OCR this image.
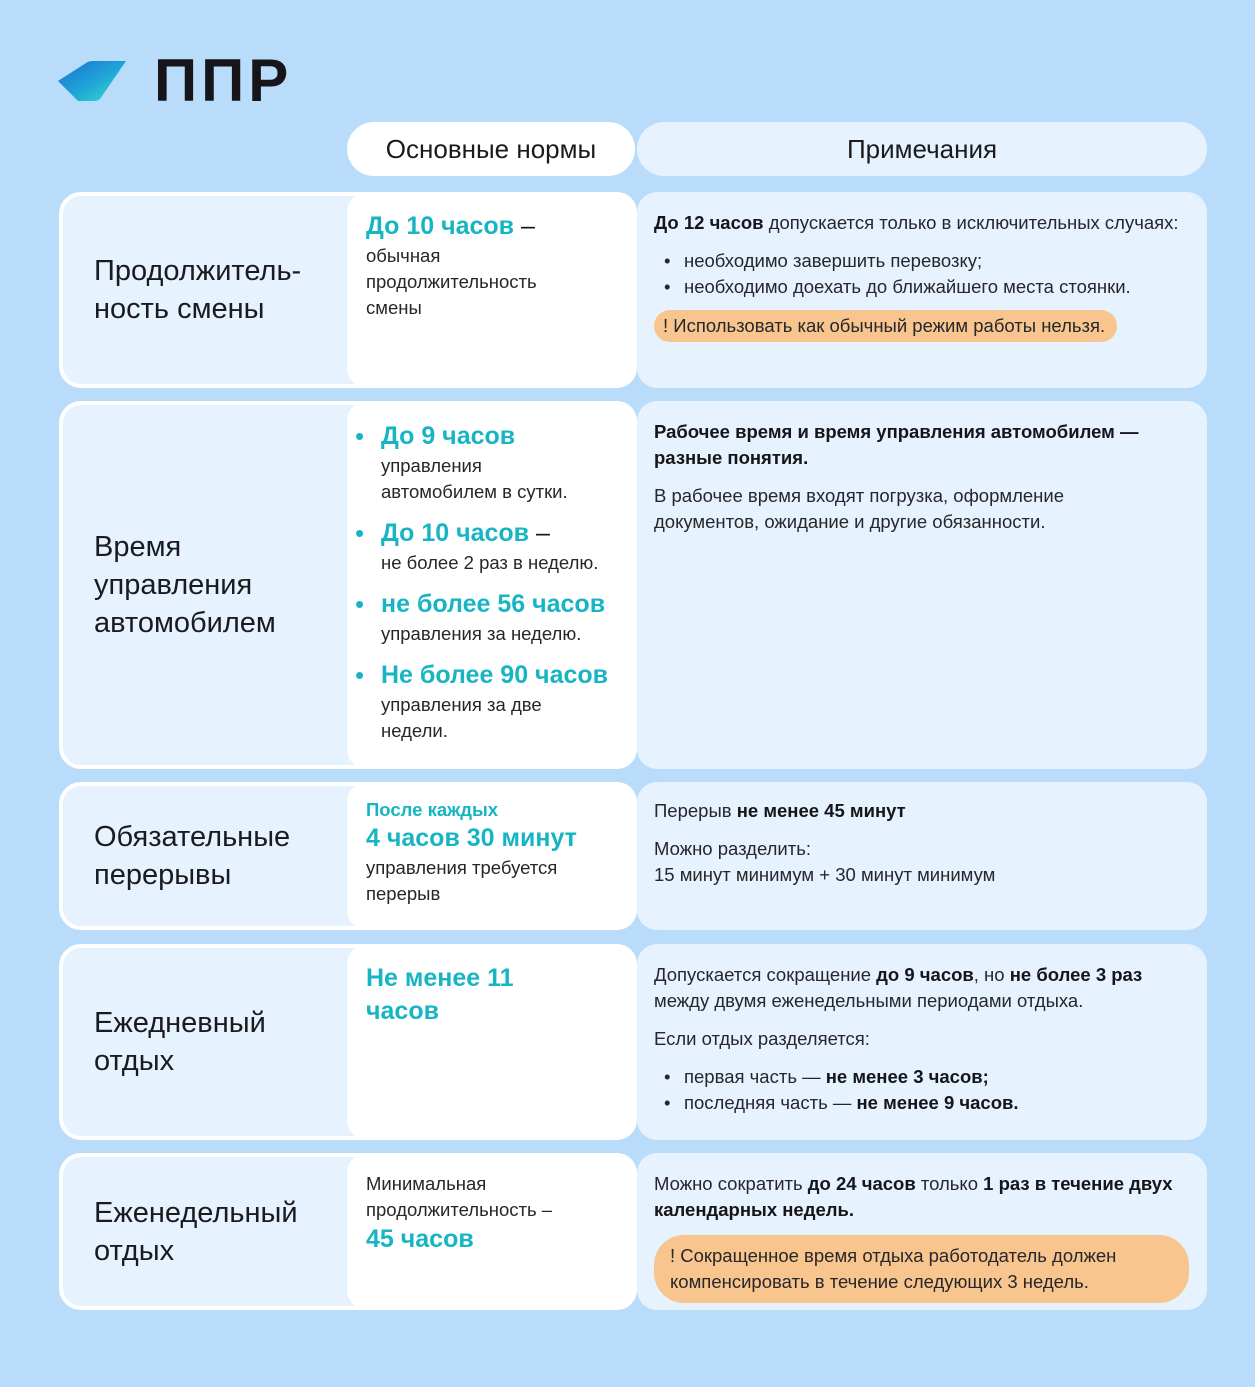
ППР
Основные нормы	Примечания
Продолжитель-
ность смены
До 10 часов –
обычная продолжительность смены

До 12 часов допускается только в исключительных случаях:

• необходимо завершить перевозку;
• необходимо доехать до ближайшего места стоянки.
! Использовать как обычный режим работы нельзя.
Время
управления
автомобилем
• До 9 часов
управления автомобилем в сутки.
• До 10 часов –
не более 2 раз в неделю.
• не более 56 часов
управления за неделю.
• Не более 90 часов
управления за две недели.

Рабочее время и время управления автомобилем — разные понятия.

В рабочее время входят погрузка, оформление документов, ожидание и другие обязанности.

Обязательные
перерывы
После каждых
4 часов 30 минут
управления требуется перерыв

Перерыв не менее 45 минут

Можно разделить:

15 минут минимум + 30 минут минимум

Ежедневный
отдых
Не менее 11 часов

Допускается сокращение до 9 часов, но не более 3 раз между двумя еженедельными периодами отдыха.

Если отдых разделяется:

• первая часть — не менее 3 часов;
• последняя часть — не менее 9 часов.
Еженедельный
отдых
Минимальная продолжительность –
45 часов

Можно сократить до 24 часов только 1 раз в течение двух календарных недель.

! Сокращенное время отдыха работодатель должен компенсировать в течение следующих 3 недель.
